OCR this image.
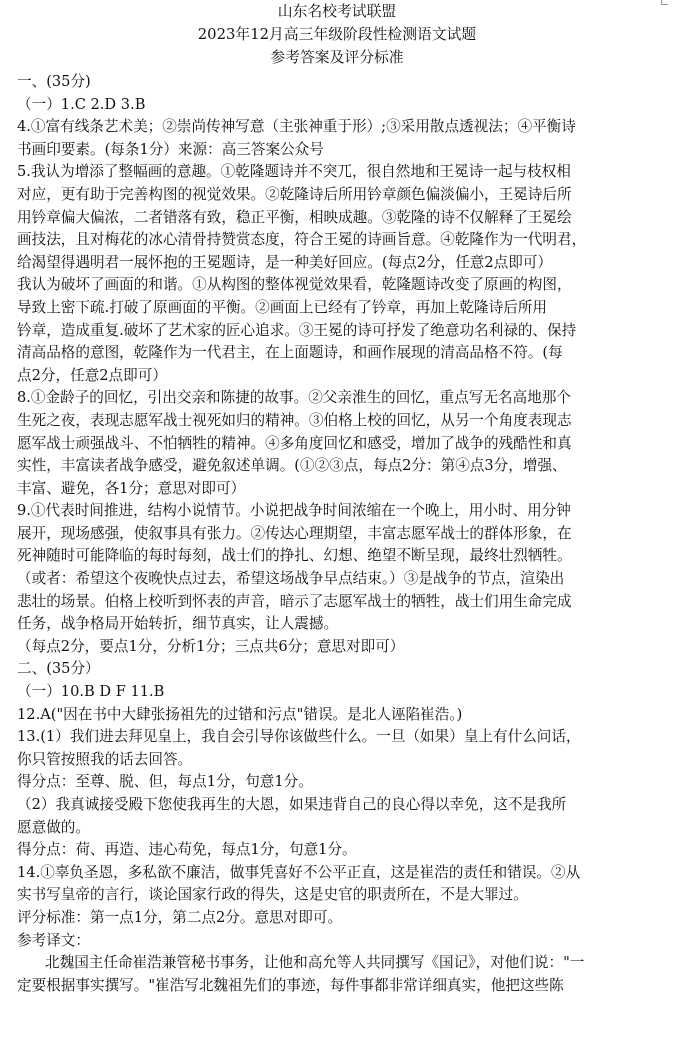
山东名校考试联盟
2023年12月高三年级阶段性检测语文试题
参考答案及评分标准
一、(35分)
（一）1.C 2.D 3.B
4.①富有线条艺术美；②崇尚传神写意（主张神重于形）;③采用散点透视法；④平衡诗
书画印要素。(每条1分）来源：高三答案公众号
5.我认为增添了整幅画的意趣。①乾隆题诗并不突兀，很自然地和王冕诗一起与枝权相
对应，更有助于完善构图的视觉效果。②乾隆诗后所用钤章颜色偏淡偏小，王冕诗后所
用钤章偏大偏浓，二者错落有致，稳正平衡，相映成趣。③乾隆的诗不仅解释了王冕绘
画技法，且对梅花的冰心清骨持赞赏态度，符合王冕的诗画旨意。④乾隆作为一代明君，
给渴望得遇明君一展怀抱的王冕题诗，是一种美好回应。(每点2分，任意2点即可）
我认为破坏了画面的和谐。①从构图的整体视觉效果看，乾隆题诗改变了原画的构图，
导致上密下疏.打破了原画面的平衡。②画面上已经有了钤章，再加上乾隆诗后所用
钤章，造成重复.破坏了艺术家的匠心追求。③王冕的诗可抒发了绝意功名利禄的、保持
清高品格的意图，乾隆作为一代君主，在上面题诗，和画作展现的清高品格不符。(每
点2分，任意2点即可）
8.①金龄子的回忆，引出交亲和陈捷的故事。②父亲淮生的回忆，重点写无名高地那个
生死之夜，表现志愿军战士视死如归的精神。③伯格上校的回忆，从另一个角度表现志
愿军战士顽强战斗、不怕牺牲的精神。④多角度回忆和感受，增加了战争的残酷性和真
实性，丰富读者战争感受，避免叙述单调。(①②③点，每点2分：第④点3分，增强、
丰富、避免，各1分；意思对即可）
9.①代表时间推进，结构小说情节。小说把战争时间浓缩在一个晚上，用小时、用分钟
展开，现场感强，使叙事具有张力。②传达心理期望，丰富志愿军战士的群体形象，在
死神随时可能降临的每时每刻，战士们的挣扎、幻想、绝望不断呈现，最终壮烈牺牲。
（或者：希望这个夜晚快点过去，希望这场战争早点结束。）③是战争的节点，渲染出
悲壮的场景。伯格上校听到怀表的声音，暗示了志愿军战士的牺牲，战士们用生命完成
任务，战争格局开始转折，细节真实，让人震撼。
（每点2分，要点1分，分析1分；三点共6分；意思对即可）
二、(35分）
（一）10.B D F 11.B
12.A("因在书中大肆张扬祖先的过错和污点"错误。是北人诬陷崔浩。)
13.(1）我们进去拜见皇上，我自会引导你该做些什么。一旦（如果）皇上有什么问话，
你只管按照我的话去回答。
得分点：至尊、脱、但，每点1分，句意1分。
（2）我真诚接受殿下您使我再生的大恩，如果违背自己的良心得以幸免，这不是我所
愿意做的。
得分点：荷、再造、违心苟免，每点1分，句意1分。
14.①辜负圣恩，多私欲不廉洁，做事凭喜好不公平正直，这是崔浩的责任和错误。②从
实书写皇帝的言行，谈论国家行政的得失，这是史官的职责所在，不是大罪过。
评分标准：第一点1分，第二点2分。意思对即可。
参考译文：
北魏国主任命崔浩兼管秘书事务，让他和高允等人共同撰写《国记》，对他们说："一
定要根据事实撰写。"崔浩写北魏祖先们的事迹，每件事都非常详细真实，他把这些陈
